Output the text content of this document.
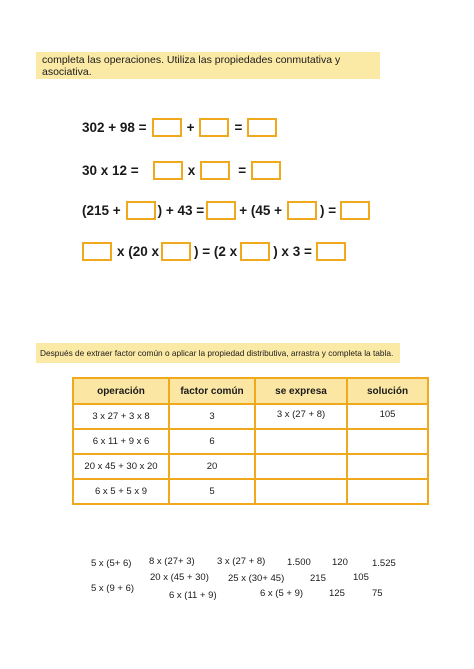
completa las operaciones. Utiliza las propiedades conmutativa y asociativa.
302 + 98 =	+	=
30 x 12 =	x	=
(215 +	) + 43 =	+ (45 +	) =
x (20 x	) = (2 x	) x 3 =
Después de extraer factor común o aplicar la propiedad distributiva, arrastra y completa la tabla.
operación	factor común	se expresa	solución
3 x 27 + 3 x 8	3	3 x (27 + 8)	105
6 x 11 + 9 x 6	6		
20 x 45 + 30 x 20	20		
6 x 5 + 5 x 9	5		
5 x (5+ 6) 8 x (27+ 3) 3 x (27 + 8) 1.500 120	1.525
20 x (45 + 30) 25 x (30+ 45)	215	105
5 x (9 + 6)
6 x (11 + 9)	6 x (5 + 9)	125	75
